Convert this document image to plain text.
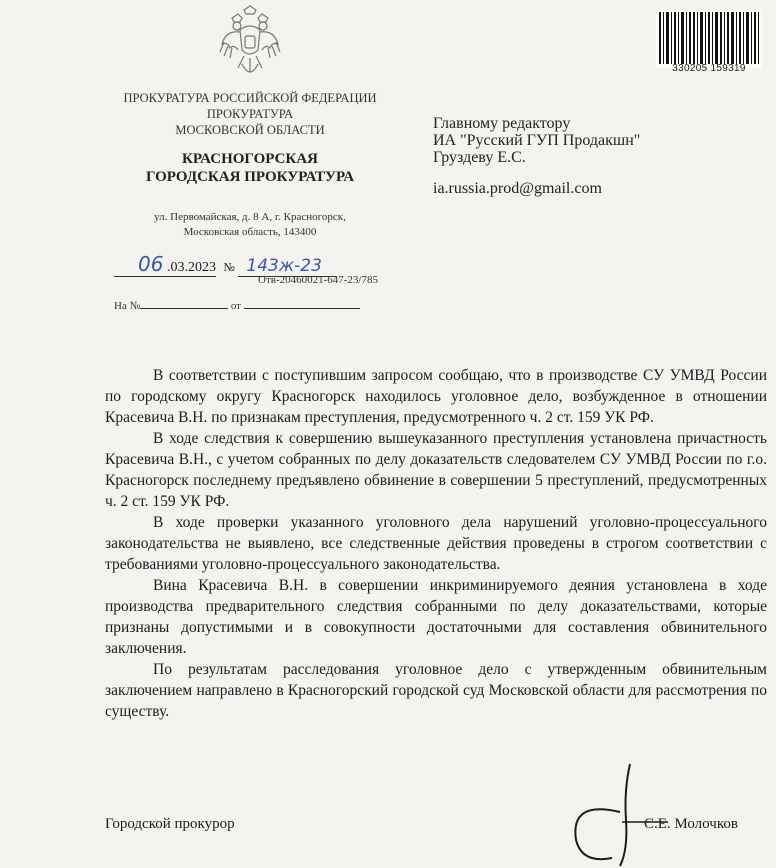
330205 159319
ПРОКУРАТУРА РОССИЙСКОЙ ФЕДЕРАЦИИ
ПРОКУРАТУРА
МОСКОВСКОЙ ОБЛАСТИ
КРАСНОГОРСКАЯ
ГОРОДСКАЯ ПРОКУРАТУРА
ул. Первомайская, д. 8 А, г. Красногорск,
Московская область, 143400
06 .03.2023 № 143ж-23
Отв-20460021-647-23/785
На №	от
Главному редактору
ИА "Русский ГУП Продакшн"
Груздеву Е.С.
ia.russia.prod@gmail.com

В соответствии с поступившим запросом сообщаю, что в производстве СУ УМВД России по городскому округу Красногорск находилось уголовное дело, возбужденное в отношении Красевича В.Н. по признакам преступления, предусмотренного ч. 2 ст. 159 УК РФ.

В ходе следствия к совершению вышеуказанного преступления установлена причастность Красевича В.Н., с учетом собранных по делу доказательств следователем СУ УМВД России по г.о. Красногорск последнему предъявлено обвинение в совершении 5 преступлений, предусмотренных ч. 2 ст. 159 УК РФ.

В ходе проверки указанного уголовного дела нарушений уголовно-процессуального законодательства не выявлено, все следственные действия проведены в строгом соответствии с требованиями уголовно-процессуального законодательства.

Вина Красевича В.Н. в совершении инкриминируемого деяния установлена в ходе производства предварительного следствия собранными по делу доказательствами, которые признаны допустимыми и в совокупности достаточными для составления обвинительного заключения.

По результатам расследования уголовное дело с утвержденным обвинительным заключением направлено в Красногорский городской суд Московской области для рассмотрения по существу.

Городской прокурор	С.Е. Молочков
